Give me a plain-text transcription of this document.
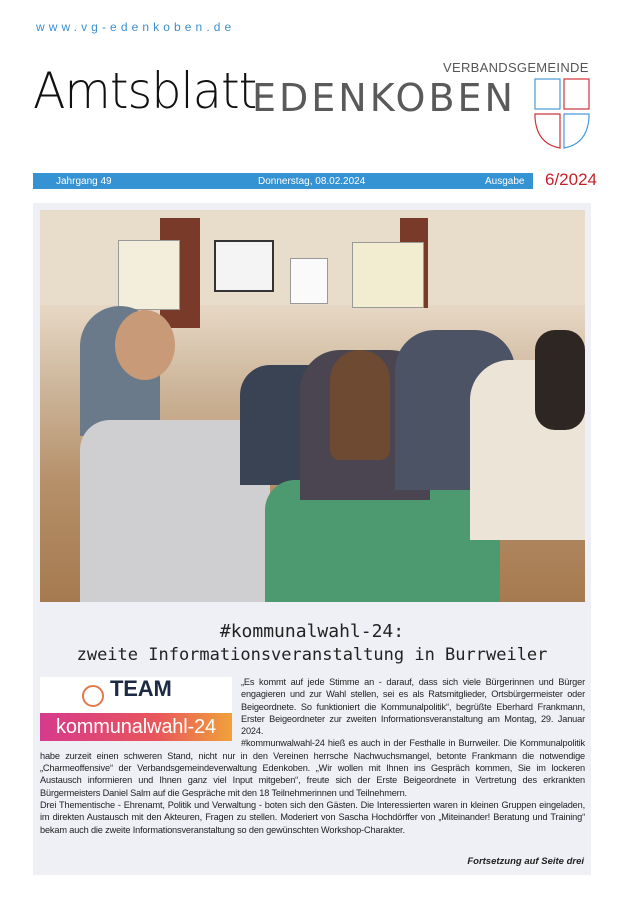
www.vg-edenkoben.de
Amtsblatt	VERBANDSGEMEINDE
EDENKOBEN
Jahrgang 49	Donnerstag, 08.02.2024	Ausgabe 6/2024
#kommunalwahl-24:
zweite Informationsveranstaltung in Burrweiler
TEAM
kommunalwahl-24

„Es kommt auf jede Stimme an - darauf, dass sich viele Bürgerinnen und Bürger engagieren und zur Wahl stellen, sei es als Ratsmitglieder, Ortsbürgermeister oder Beigeordnete. So funktioniert die Kommunalpolitik“, begrüßte Eberhard Frankmann, Erster Beigeordneter zur zweiten Informationsveranstaltung am Montag, 29. Januar 2024.

#kommunwalwahl-24 hieß es auch in der Festhalle in Burrweiler. Die Kommunalpolitik habe zurzeit einen schweren Stand, nicht nur in den Vereinen herrsche Nachwuchsmangel, betonte Frankmann die notwendige „Charmeoffensive“ der Verbandsgemeindeverwaltung Edenkoben. „Wir wollen mit Ihnen ins Gespräch kommen, Sie im lockeren Austausch informieren und Ihnen ganz viel Input mitgeben“, freute sich der Erste Beigeordnete in Vertretung des erkrankten Bürgermeisters Daniel Salm auf die Gespräche mit den 18 Teilnehmerinnen und Teilnehmern.

Drei Thementische - Ehrenamt, Politik und Verwaltung - boten sich den Gästen. Die Interessierten waren in kleinen Gruppen eingeladen, im direkten Austausch mit den Akteuren, Fragen zu stellen. Moderiert von Sascha Hochdörffer von „Miteinander! Beratung und Training“ bekam auch die zweite Informationsveranstaltung so den gewünschten Workshop-Charakter.

Fortsetzung auf Seite drei
